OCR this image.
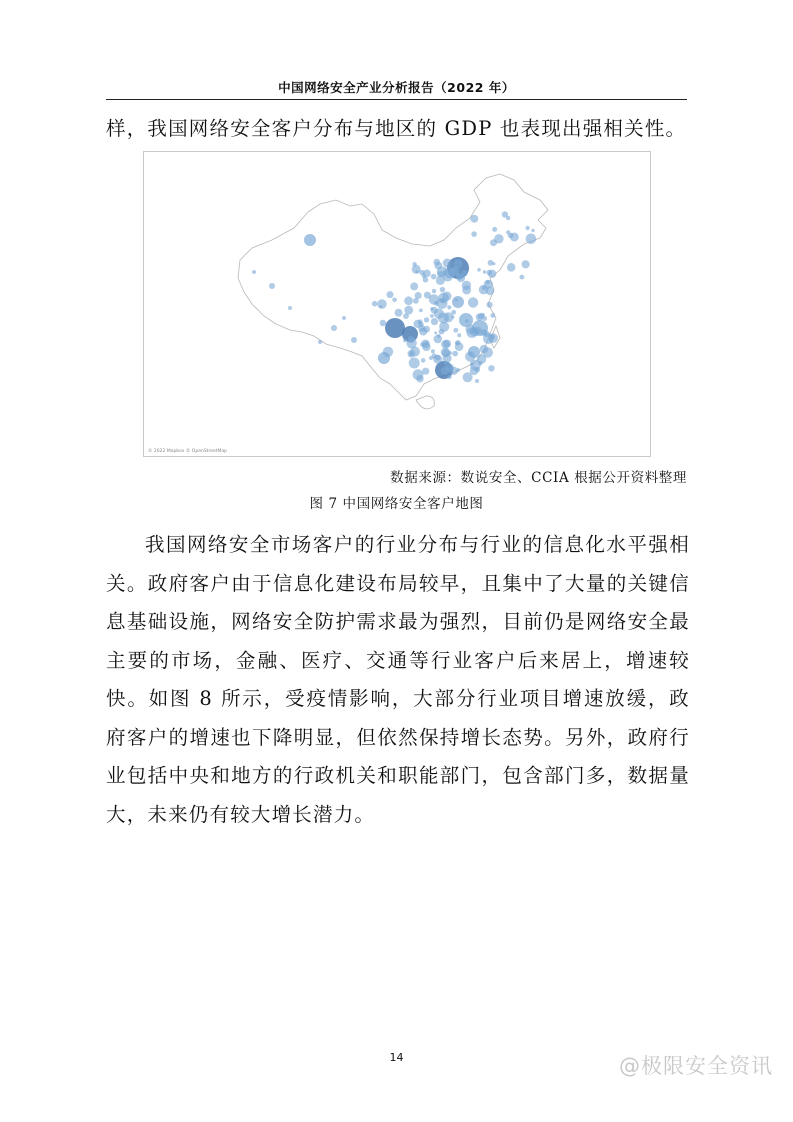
中国网络安全产业分析报告（2022 年）
样，我国网络安全客户分布与地区的 GDP 也表现出强相关性。
© 2022 Mapbox © OpenStreetMap
数据来源：数说安全、CCIA 根据公开资料整理
图 7 中国网络安全客户地图

我国网络安全市场客户的行业分布与行业的信息化水平强相关。政府客户由于信息化建设布局较早，且集中了大量的关键信息基础设施，网络安全防护需求最为强烈，目前仍是网络安全最主要的市场，金融、医疗、交通等行业客户后来居上，增速较快。如图 8 所示，受疫情影响，大部分行业项目增速放缓，政府客户的增速也下降明显，但依然保持增长态势。另外，政府行业包括中央和地方的行政机关和职能部门，包含部门多，数据量大，未来仍有较大增长潜力。

14	@极限安全资讯
